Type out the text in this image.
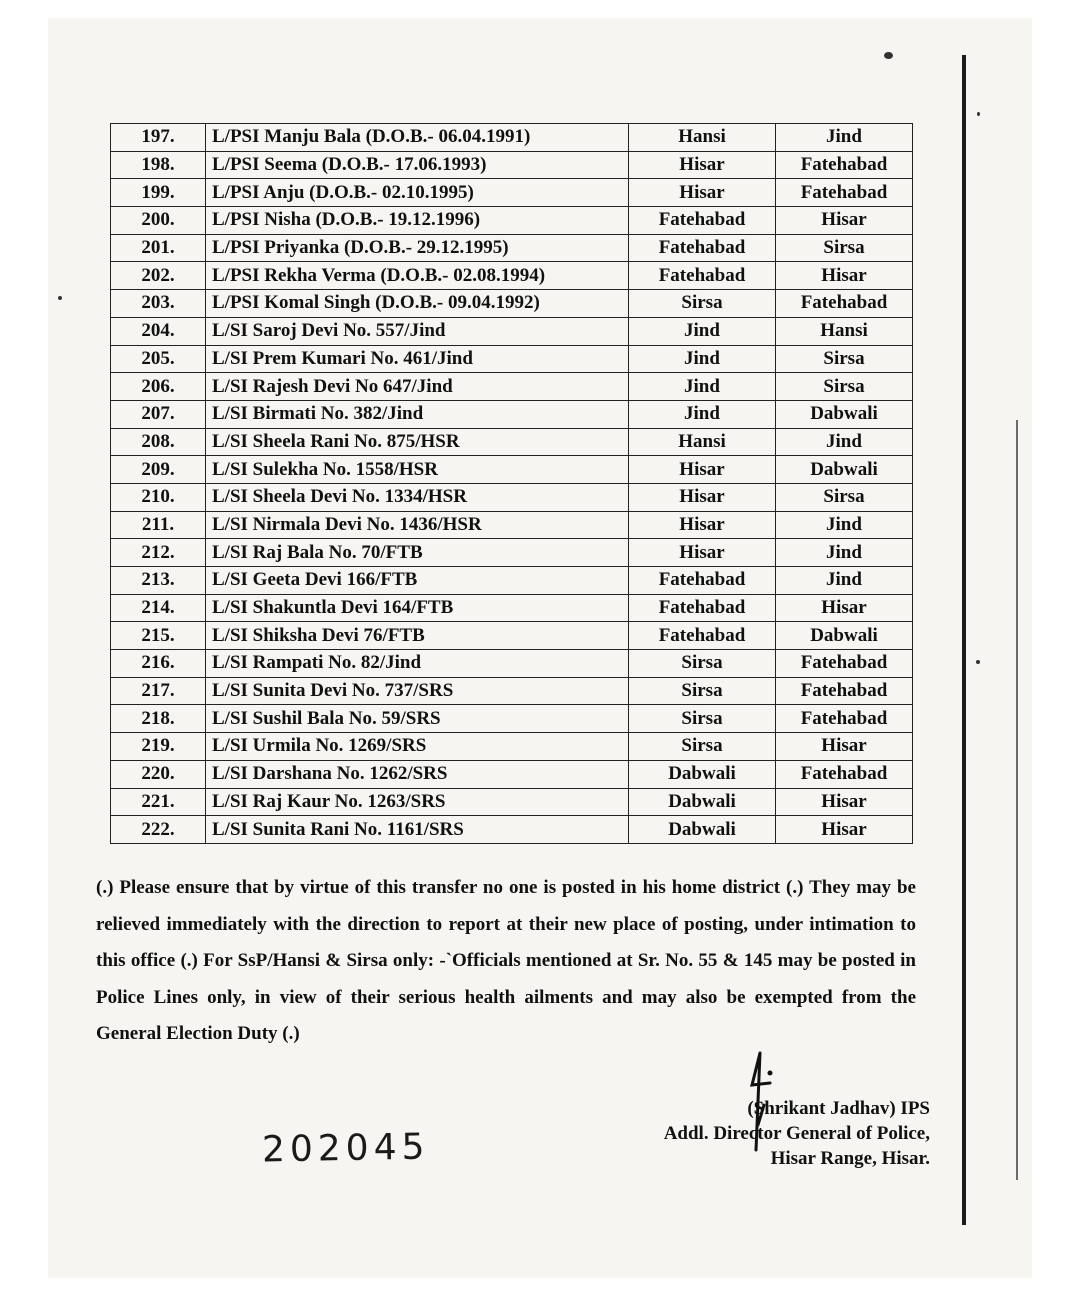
197.	L/PSI Manju Bala (D.O.B.- 06.04.1991)	Hansi	Jind
198.	L/PSI Seema (D.O.B.- 17.06.1993)	Hisar	Fatehabad
199.	L/PSI Anju (D.O.B.- 02.10.1995)	Hisar	Fatehabad
200.	L/PSI Nisha (D.O.B.- 19.12.1996)	Fatehabad	Hisar
201.	L/PSI Priyanka (D.O.B.- 29.12.1995)	Fatehabad	Sirsa
202.	L/PSI Rekha Verma (D.O.B.- 02.08.1994)	Fatehabad	Hisar
203.	L/PSI Komal Singh (D.O.B.- 09.04.1992)	Sirsa	Fatehabad
204.	L/SI Saroj Devi No. 557/Jind	Jind	Hansi
205.	L/SI Prem Kumari No. 461/Jind	Jind	Sirsa
206.	L/SI Rajesh Devi No 647/Jind	Jind	Sirsa
207.	L/SI Birmati No. 382/Jind	Jind	Dabwali
208.	L/SI Sheela Rani No. 875/HSR	Hansi	Jind
209.	L/SI Sulekha No. 1558/HSR	Hisar	Dabwali
210.	L/SI Sheela Devi No. 1334/HSR	Hisar	Sirsa
211.	L/SI Nirmala Devi No. 1436/HSR	Hisar	Jind
212.	L/SI Raj Bala No. 70/FTB	Hisar	Jind
213.	L/SI Geeta Devi 166/FTB	Fatehabad	Jind
214.	L/SI Shakuntla Devi 164/FTB	Fatehabad	Hisar
215.	L/SI Shiksha Devi 76/FTB	Fatehabad	Dabwali
216.	L/SI Rampati No. 82/Jind	Sirsa	Fatehabad
217.	L/SI Sunita Devi No. 737/SRS	Sirsa	Fatehabad
218.	L/SI Sushil Bala No. 59/SRS	Sirsa	Fatehabad
219.	L/SI Urmila No. 1269/SRS	Sirsa	Hisar
220.	L/SI Darshana No. 1262/SRS	Dabwali	Fatehabad
221.	L/SI Raj Kaur No. 1263/SRS	Dabwali	Hisar
222.	L/SI Sunita Rani No. 1161/SRS	Dabwali	Hisar
(.) Please ensure that by virtue of this transfer no one is posted in his home district (.) They may be relieved immediately with the direction to report at their new place of posting, under intimation to this office (.) For SsP/Hansi & Sirsa only: -`Officials mentioned at Sr. No. 55 & 145 may be posted in Police Lines only, in view of their serious health ailments and may also be exempted from the General Election Duty (.)
(Shrikant Jadhav) IPS
Addl. Director General of Police,
Hisar Range, Hisar.
202045
